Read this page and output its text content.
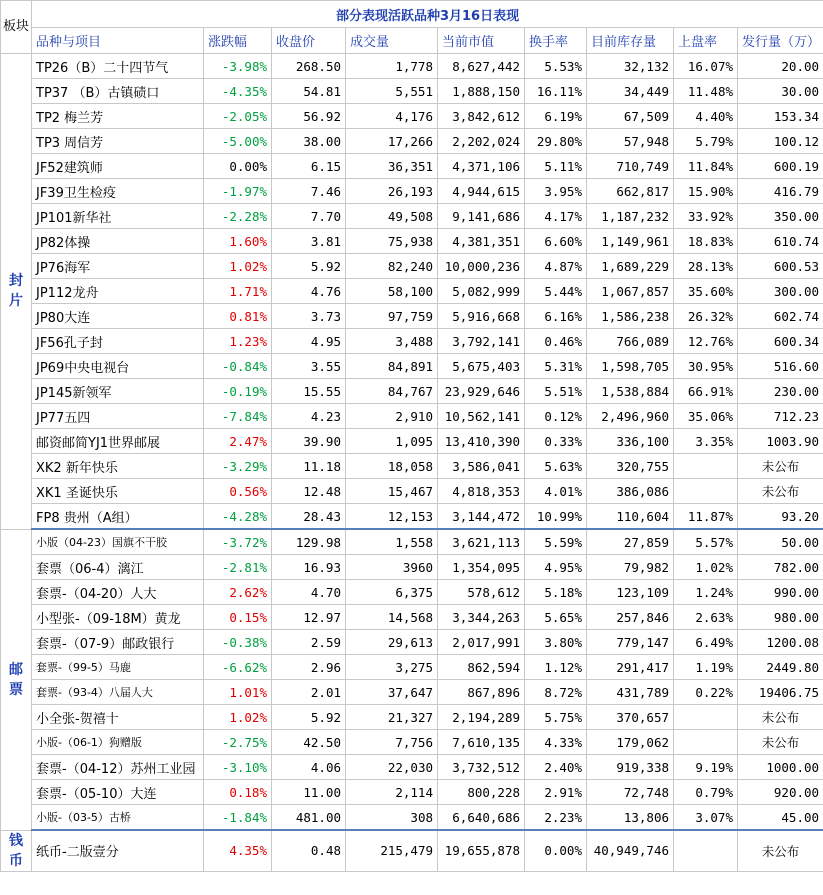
板块	部分表现活跃品种3月16日表现								
	品种与项目	涨跌幅	收盘价	成交量	当前市值	换手率	目前库存量	上盘率	发行量（万）

封片	TP26（B）二十四节气	-3.98%	268.50	1,778	8,627,442	5.53%	32,132	16.07%	20.00
	TP37 （B）古镇碛口	-4.35%	54.81	5,551	1,888,150	16.11%	34,449	11.48%	30.00
	TP2 梅兰芳	-2.05%	56.92	4,176	3,842,612	6.19%	67,509	4.40%	153.34
	TP3 周信芳	-5.00%	38.00	17,266	2,202,024	29.80%	57,948	5.79%	100.12
	JF52建筑师	0.00%	6.15	36,351	4,371,106	5.11%	710,749	11.84%	600.19
	JF39卫生检疫	-1.97%	7.46	26,193	4,944,615	3.95%	662,817	15.90%	416.79
	JP101新华社	-2.28%	7.70	49,508	9,141,686	4.17%	1,187,232	33.92%	350.00
	JP82体操	1.60%	3.81	75,938	4,381,351	6.60%	1,149,961	18.83%	610.74
	JP76海军	1.02%	5.92	82,240	10,000,236	4.87%	1,689,229	28.13%	600.53
	JP112龙舟	1.71%	4.76	58,100	5,082,999	5.44%	1,067,857	35.60%	300.00
	JP80大连	0.81%	3.73	97,759	5,916,668	6.16%	1,586,238	26.32%	602.74
	JF56孔子封	1.23%	4.95	3,488	3,792,141	0.46%	766,089	12.76%	600.34
	JP69中央电视台	-0.84%	3.55	84,891	5,675,403	5.31%	1,598,705	30.95%	516.60
	JP145新领军	-0.19%	15.55	84,767	23,929,646	5.51%	1,538,884	66.91%	230.00
	JP77五四	-7.84%	4.23	2,910	10,562,141	0.12%	2,496,960	35.06%	712.23
	邮资邮简YJ1世界邮展	2.47%	39.90	1,095	13,410,390	0.33%	336,100	3.35%	1003.90
	XK2 新年快乐	-3.29%	11.18	18,058	3,586,041	5.63%	320,755		未公布
	XK1 圣诞快乐	0.56%	12.48	15,467	4,818,353	4.01%	386,086		未公布
	FP8 贵州（A组）	-4.28%	28.43	12,153	3,144,472	10.99%	110,604	11.87%	93.20

邮票	小版（04-23）国旗不干胶	-3.72%	129.98	1,558	3,621,113	5.59%	27,859	5.57%	50.00
	套票（06-4）漓江	-2.81%	16.93	3960	1,354,095	4.95%	79,982	1.02%	782.00
	套票-（04-20）人大	2.62%	4.70	6,375	578,612	5.18%	123,109	1.24%	990.00
	小型张-（09-18M）黄龙	0.15%	12.97	14,568	3,344,263	5.65%	257,846	2.63%	980.00
	套票-（07-9）邮政银行	-0.38%	2.59	29,613	2,017,991	3.80%	779,147	6.49%	1200.08
	套票-（99-5）马鹿	-6.62%	2.96	3,275	862,594	1.12%	291,417	1.19%	2449.80
	套票-（93-4）八届人大	1.01%	2.01	37,647	867,896	8.72%	431,789	0.22%	19406.75
	小全张-贺禧十	1.02%	5.92	21,327	2,194,289	5.75%	370,657		未公布
	小版-（06-1）狗赠版	-2.75%	42.50	7,756	7,610,135	4.33%	179,062		未公布
	套票-（04-12）苏州工业园	-3.10%	4.06	22,030	3,732,512	2.40%	919,338	9.19%	1000.00
	套票-（05-10）大连	0.18%	11.00	2,114	800,228	2.91%	72,748	0.79%	920.00
	小版-（03-5）古桥	-1.84%	481.00	308	6,640,686	2.23%	13,806	3.07%	45.00

钱币	纸币-二版壹分	4.35%	0.48	215,479	19,655,878	0.00%	40,949,746		未公布
